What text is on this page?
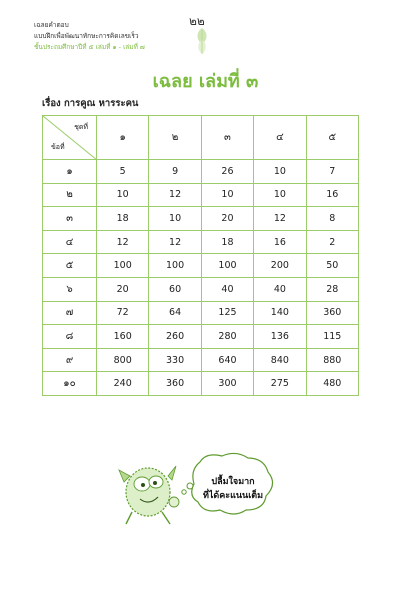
เฉลยคำตอบ
แบบฝึกเพื่อพัฒนาทักษะการคิดเลขเร็ว
ชั้นประถมศึกษาปีที่ ๕ เล่มที่ ๑ - เล่มที่ ๗
๒๒
เฉลย เล่มที่ ๓
เรื่อง การคูณ หารระคน
ชุดที่
ข้อที่	๑	๒	๓	๔	๕
๑	5	9	26	10	7
๒	10	12	10	10	16
๓	18	10	20	12	8
๔	12	12	18	16	2
๕	100	100	100	200	50
๖	20	60	40	40	28
๗	72	64	125	140	360
๘	160	260	280	136	115
๙	800	330	640	840	880
๑๐	240	360	300	275	480
ปลื้มใจมาก
ที่ได้คะแนนเต็ม
